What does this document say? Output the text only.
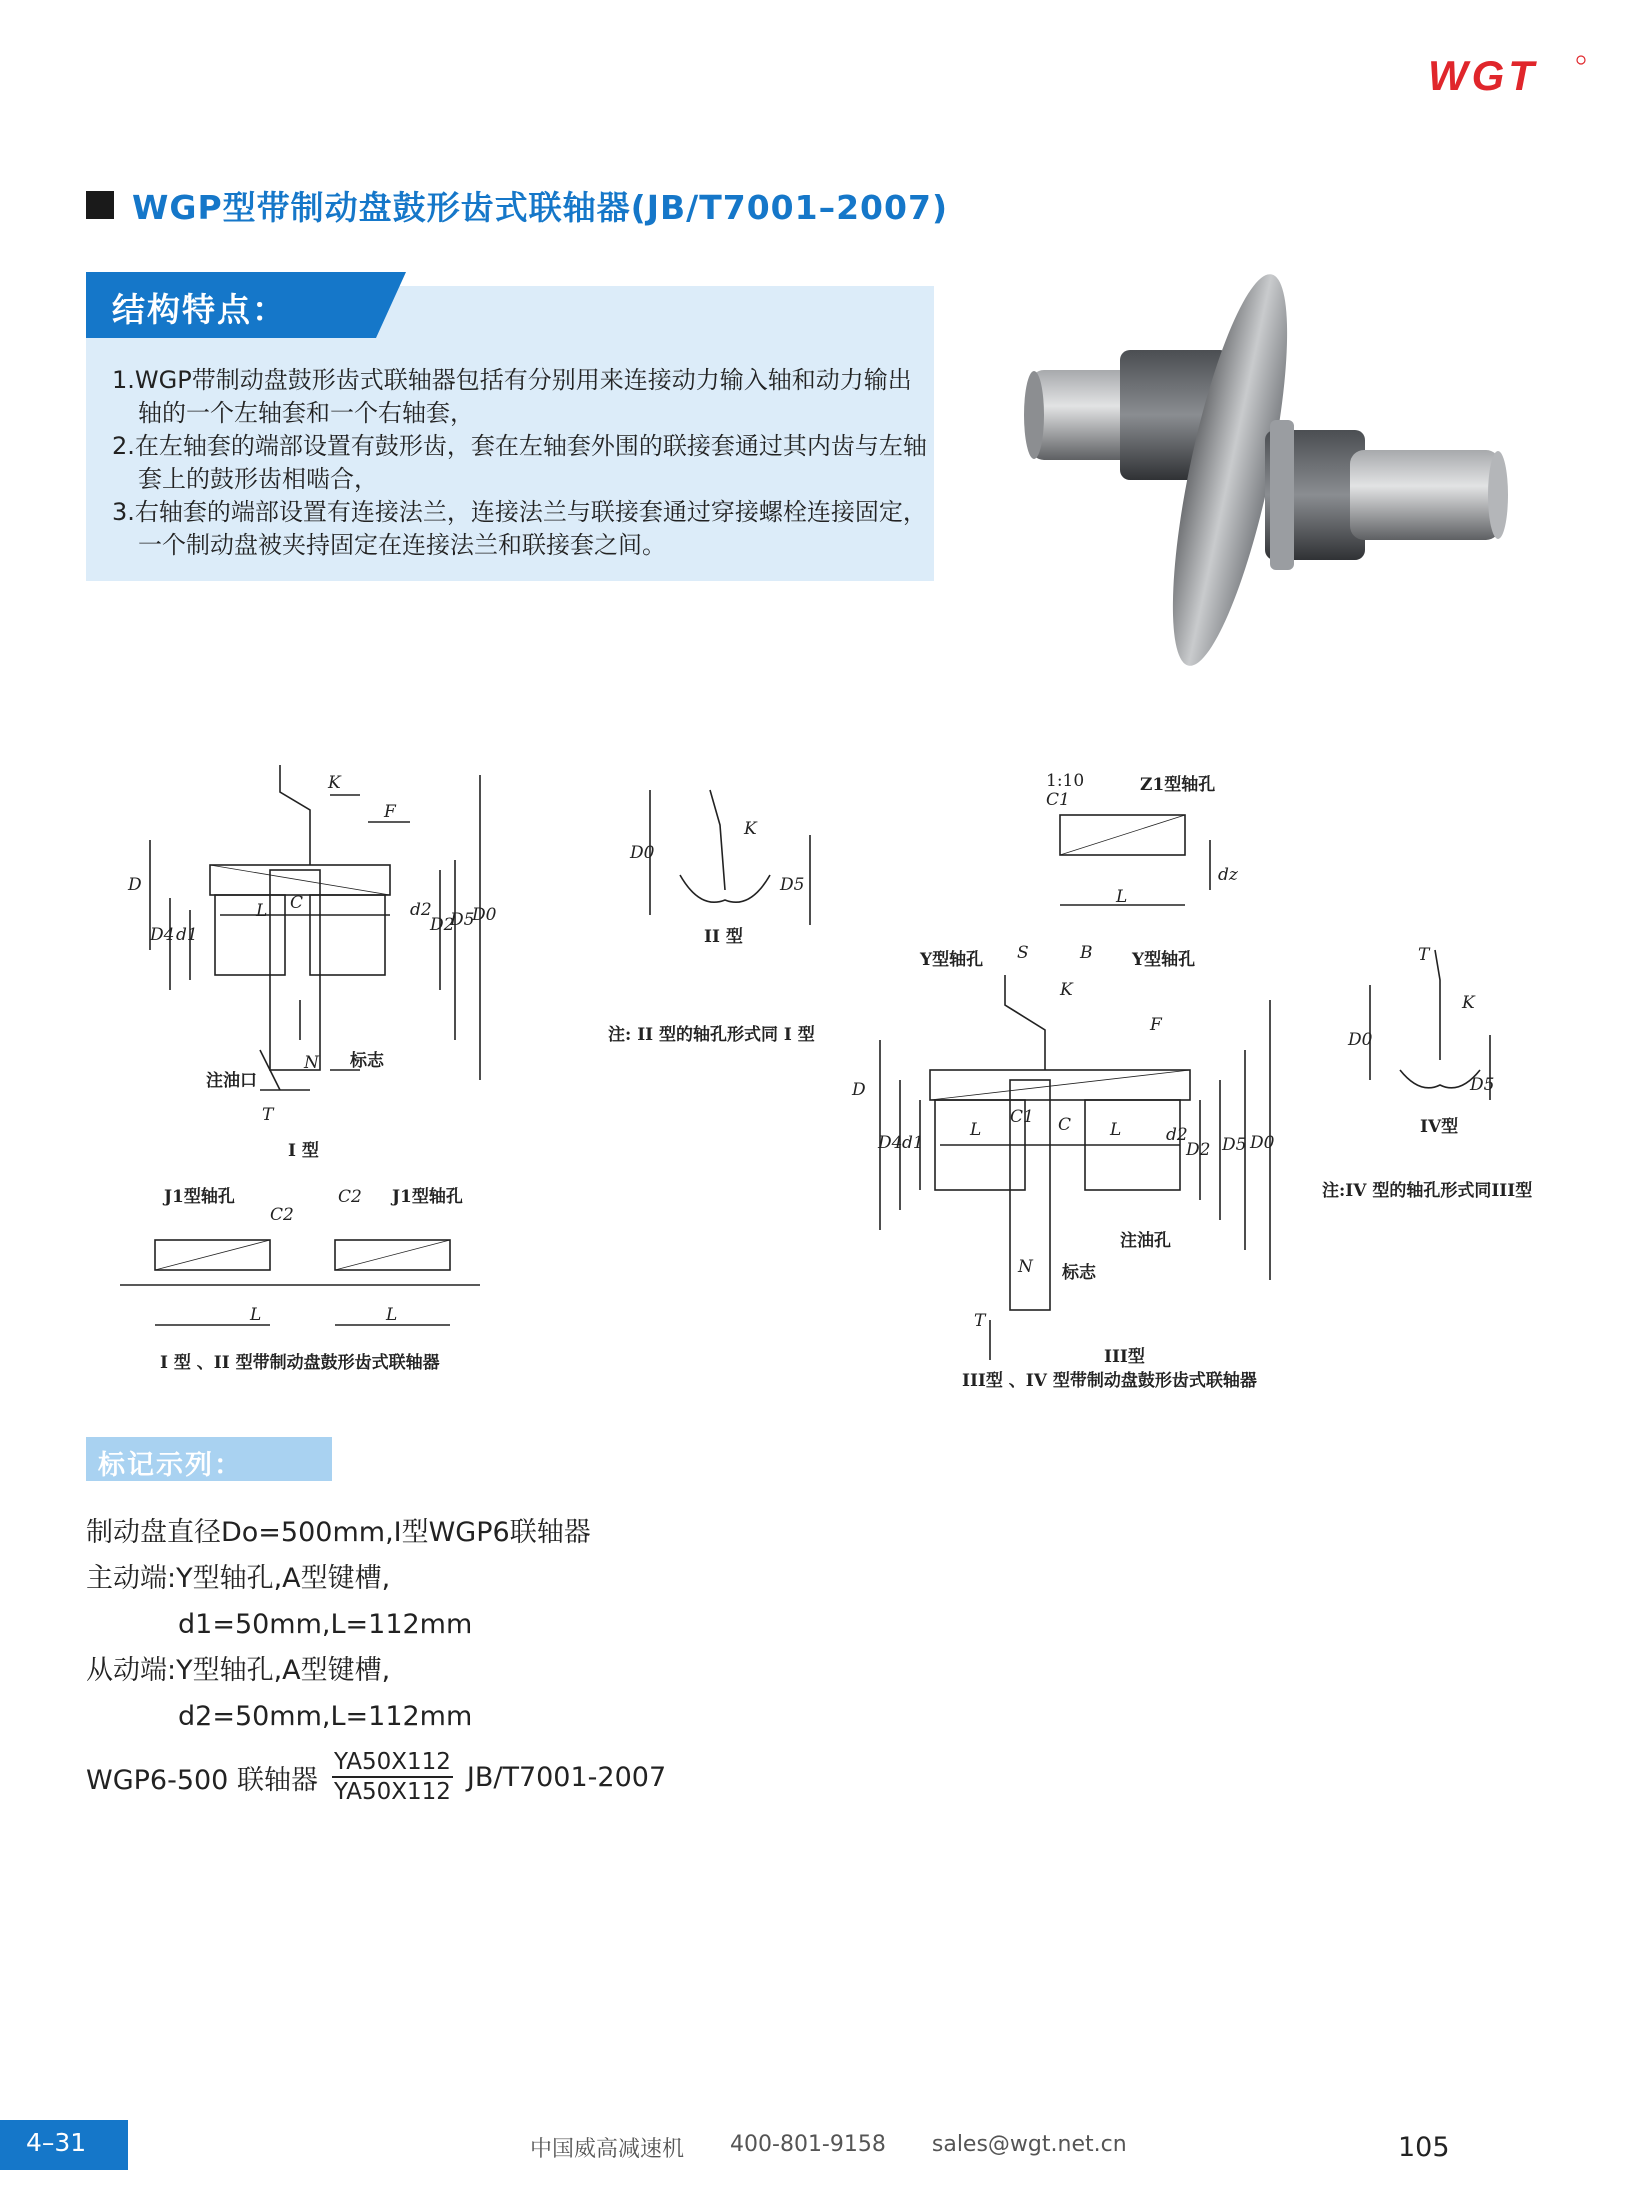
WGT
WGP型带制动盘鼓形齿式联轴器(JB/T7001–2007)
结构特点：
1.WGP带制动盘鼓形齿式联轴器包括有分别用来连接动力输入轴和动力输出轴的一个左轴套和一个右轴套，
2.在左轴套的端部设置有鼓形齿，套在左轴套外围的联接套通过其内齿与左轴套上的鼓形齿相啮合，
3.右轴套的端部设置有连接法兰，连接法兰与联接套通过穿接螺栓连接固定，一个制动盘被夹持固定在连接法兰和联接套之间。
K
F
D
D4 d1
L C	d2
D2
D5
D0
注油口
N 标志
T
I 型
D0
K
D5
II 型
注: II 型的轴孔形式同 I 型
1:10
C1
Z1型轴孔
L
dz
J1型轴孔	J1型轴孔
C2
C2
L	L
I 型 、II 型带制动盘鼓形齿式联轴器
Y型轴孔 S	B Y型轴孔
K
F
D
D4 d1
L
C1 C L	d2
D2 D5 D0
注油孔
N 标志
T
III型
III型 、IV 型带制动盘鼓形齿式联轴器
T
D0
K
D5
IV型
注:IV 型的轴孔形式同III型
标记示列：
制动盘直径Do=500mm,I型WGP6联轴器
主动端:Y型轴孔,A型键槽,
d1=50mm,L=112mm
从动端:Y型轴孔,A型键槽,
d2=50mm,L=112mm
WGP6-500 联轴器 $\frac{YA50X112}{YA50X112} JB/T7001-2007$
4–31	中国威高减速机 400-801-9158 sales@wgt.net.cn	105
